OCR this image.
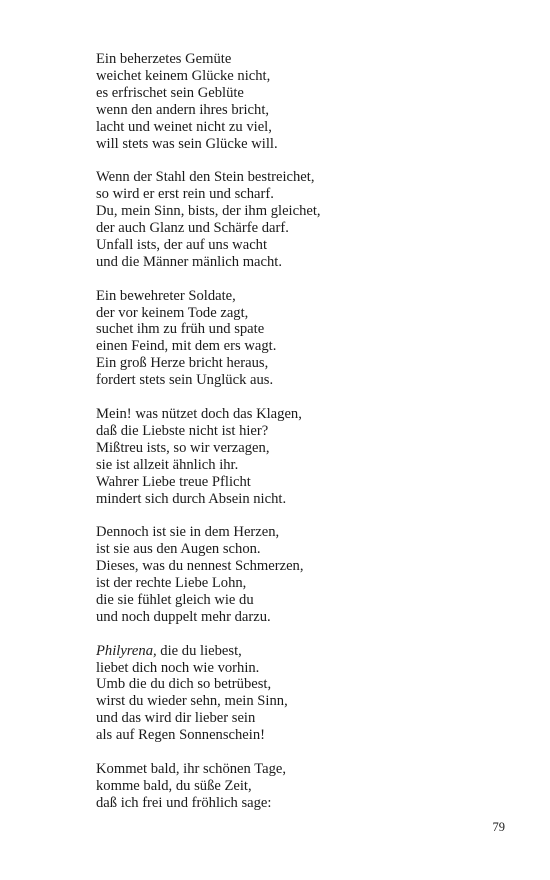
Ein beherzetes Gemüte
weichet keinem Glücke nicht,
es erfrischet sein Geblüte
wenn den andern ihres bricht,
lacht und weinet nicht zu viel,
will stets was sein Glücke will.
Wenn der Stahl den Stein bestreichet,
so wird er erst rein und scharf.
Du, mein Sinn, bists, der ihm gleichet,
der auch Glanz und Schärfe darf.
Unfall ists, der auf uns wacht
und die Männer mänlich macht.
Ein bewehreter Soldate,
der vor keinem Tode zagt,
suchet ihm zu früh und spate
einen Feind, mit dem ers wagt.
Ein groß Herze bricht heraus,
fordert stets sein Unglück aus.
Mein! was nützet doch das Klagen,
daß die Liebste nicht ist hier?
Mißtreu ists, so wir verzagen,
sie ist allzeit ähnlich ihr.
Wahrer Liebe treue Pflicht
mindert sich durch Absein nicht.
Dennoch ist sie in dem Herzen,
ist sie aus den Augen schon.
Dieses, was du nennest Schmerzen,
ist der rechte Liebe Lohn,
die sie fühlet gleich wie du
und noch duppelt mehr darzu.
Philyrena, die du liebest,
liebet dich noch wie vorhin.
Umb die du dich so betrübest,
wirst du wieder sehn, mein Sinn,
und das wird dir lieber sein
als auf Regen Sonnenschein!
Kommet bald, ihr schönen Tage,
komme bald, du süße Zeit,
daß ich frei und fröhlich sage:
79
